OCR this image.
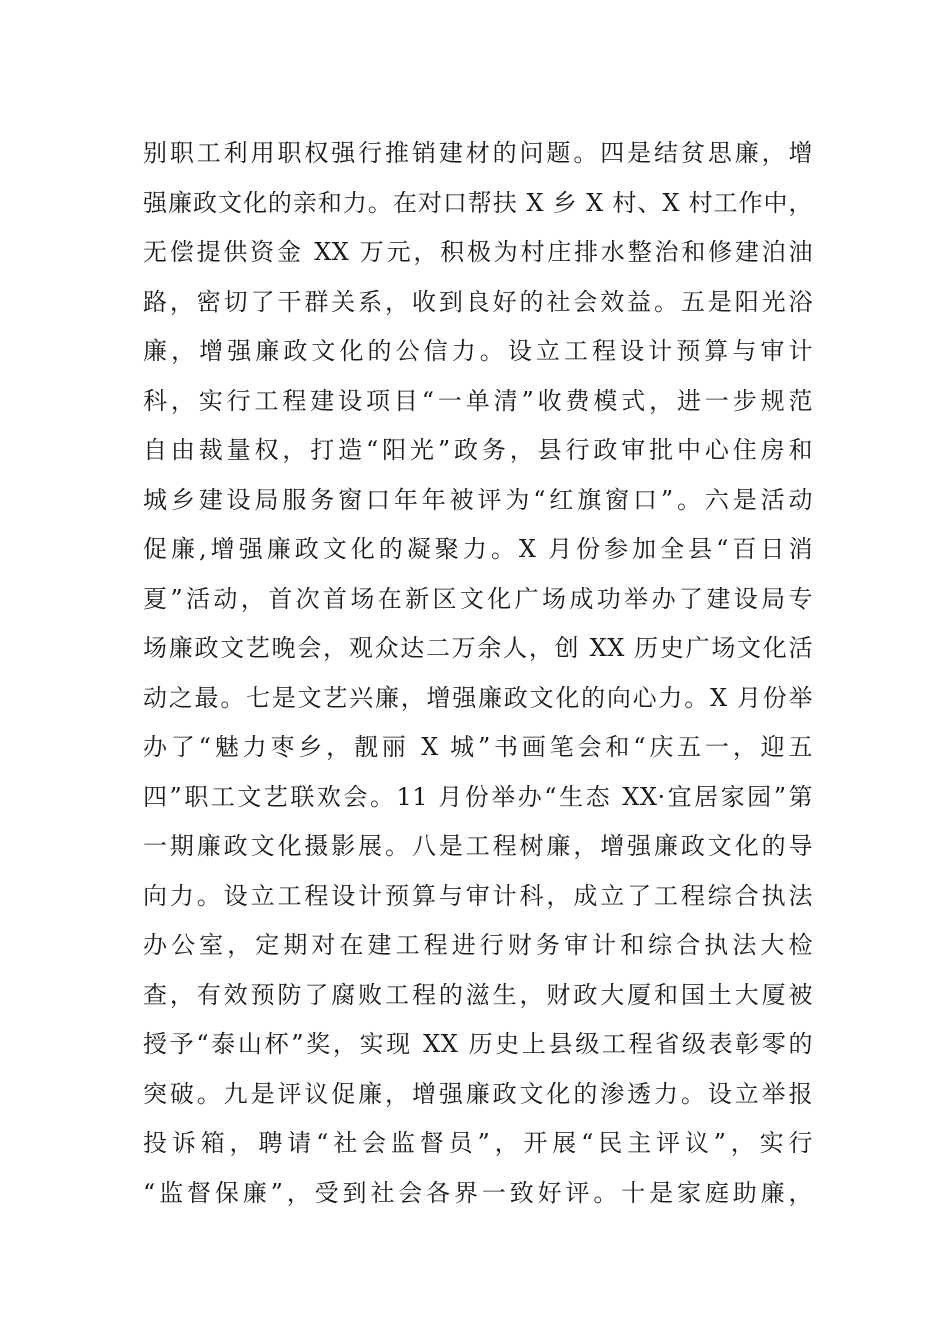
别职工利用职权强行推销建材的问题。四是结贫思廉，增
强廉政文化的亲和力。在对口帮扶 X 乡 X 村、X 村工作中，
无偿提供资金 XX 万元，积极为村庄排水整治和修建泊油
路，密切了干群关系，收到良好的社会效益。五是阳光浴
廉，增强廉政文化的公信力。设立工程设计预算与审计
科，实行工程建设项目“一单清”收费模式，进一步规范
自由裁量权，打造“阳光”政务，县行政审批中心住房和
城乡建设局服务窗口年年被评为“红旗窗口”。六是活动
促廉,增强廉政文化的凝聚力。X 月份参加全县“百日消
夏”活动，首次首场在新区文化广场成功举办了建设局专
场廉政文艺晚会，观众达二万余人，创 XX 历史广场文化活
动之最。七是文艺兴廉，增强廉政文化的向心力。X 月份举
办了“魅力枣乡，靓丽 X 城”书画笔会和“庆五一，迎五
四”职工文艺联欢会。11 月份举办“生态 XX·宜居家园”第
一期廉政文化摄影展。八是工程树廉，增强廉政文化的导
向力。设立工程设计预算与审计科，成立了工程综合执法
办公室，定期对在建工程进行财务审计和综合执法大检
查，有效预防了腐败工程的滋生，财政大厦和国土大厦被
授予“泰山杯”奖，实现 XX 历史上县级工程省级表彰零的
突破。九是评议促廉，增强廉政文化的渗透力。设立举报
投诉箱，聘请“社会监督员”，开展“民主评议”，实行
“监督保廉”，受到社会各界一致好评。十是家庭助廉，
